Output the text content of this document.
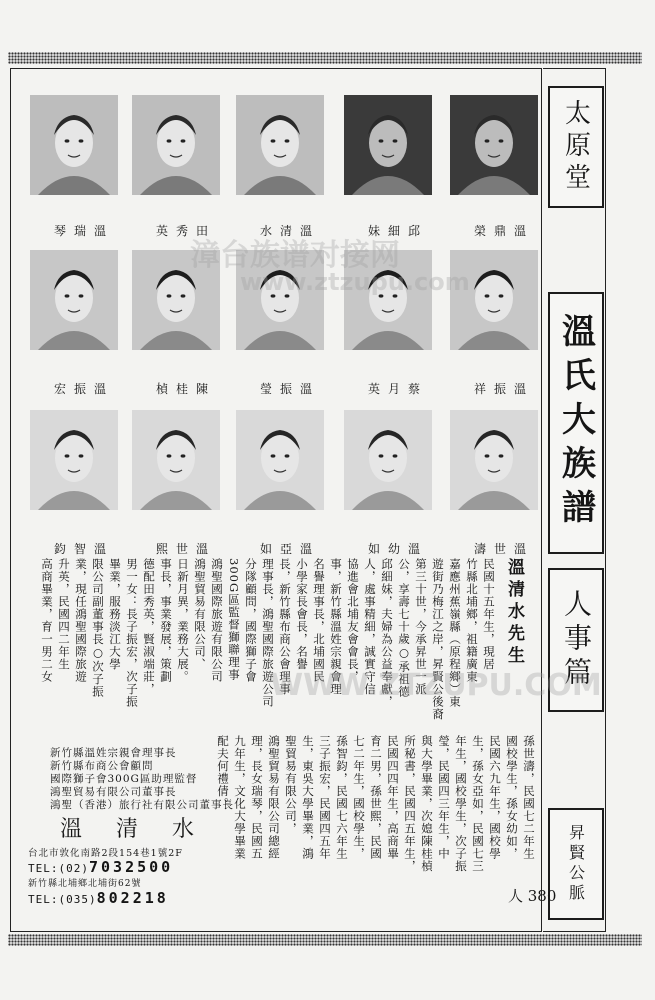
太原堂
溫氏大族譜
人事篇
昇賢公脈
人 380
琴瑞溫	英秀田	水清溫	妹細邱	榮鼎溫
宏振溫	楨桂陳	瑩振溫	英月蔡	祥振溫
鈞智溫	熙世溫	如亞溫	如幼溫	濤世溫
溫清水先生
民國十五年生，現居
竹縣北埔鄉，祖籍廣東
嘉應州蕉嶺縣（原程鄉）東
遊街乃梅江之岸，昇賢公後裔
第三十世，今承昇世一派
公，享壽七十歲○承祖德
邱細妹，夫婦為公益奉獻，
人，處事精細，誠實守信
協進會北埔友會會長，
事，新竹縣溫姓宗親會理
名譽理事長，北埔國民
小學家長會長，名譽
長，新竹縣布商公會理事
理事長，鴻聖國際旅遊公司
分隊顧問，國際獅子會
300G區監督獅聯理事
鴻聖國際旅遊有限公司
鴻聖貿易有限公司、
日新月異，業務大展。
事長，事業發展，策劃
德配田秀英，賢淑端莊，
男一女：長子振宏，次子振
畢業，服務淡江大學
限公司副董事長○次子振
業，現任鴻聖國際旅遊
升英，民國四二年生
高商畢業，育一男二女
孫世濤，民國七二年生
國校學生，孫女幼如，
民國六九年生，國校學
生，孫女亞如，民國七三
年生，國校學生，次子振
瑩，民國四三年生，中
與大學畢業，次媳陳桂楨
所秘書，民國四五年生，
民國四四年生，高商畢
育二男，孫世熙，民國
七二年生，國校學生，
孫智鈞，民國七六年生
三子振宏，民國四五年
生，東吳大學畢業，鴻
聖貿易有限公司，
鴻聖貿易有限公司總經
理，長女瑞琴，民國五
九年生，文化大學畢業
配夫何禮倩。
新竹縣溫姓宗親會理事長
新竹縣布商公會顧問
國際獅子會300G區助理監督
鴻聖貿易有限公司董事長
鴻聖（香港）旅行社有限公司董事長
溫　清　水
台北市敦化南路2段154巷1號2F
TEL:(02)7032500
新竹縣北埔鄉北埔街62號
TEL:(035)802218
漳台族谱对接网
www.ztzupu.com
WWW.ZTZUPU.COM
